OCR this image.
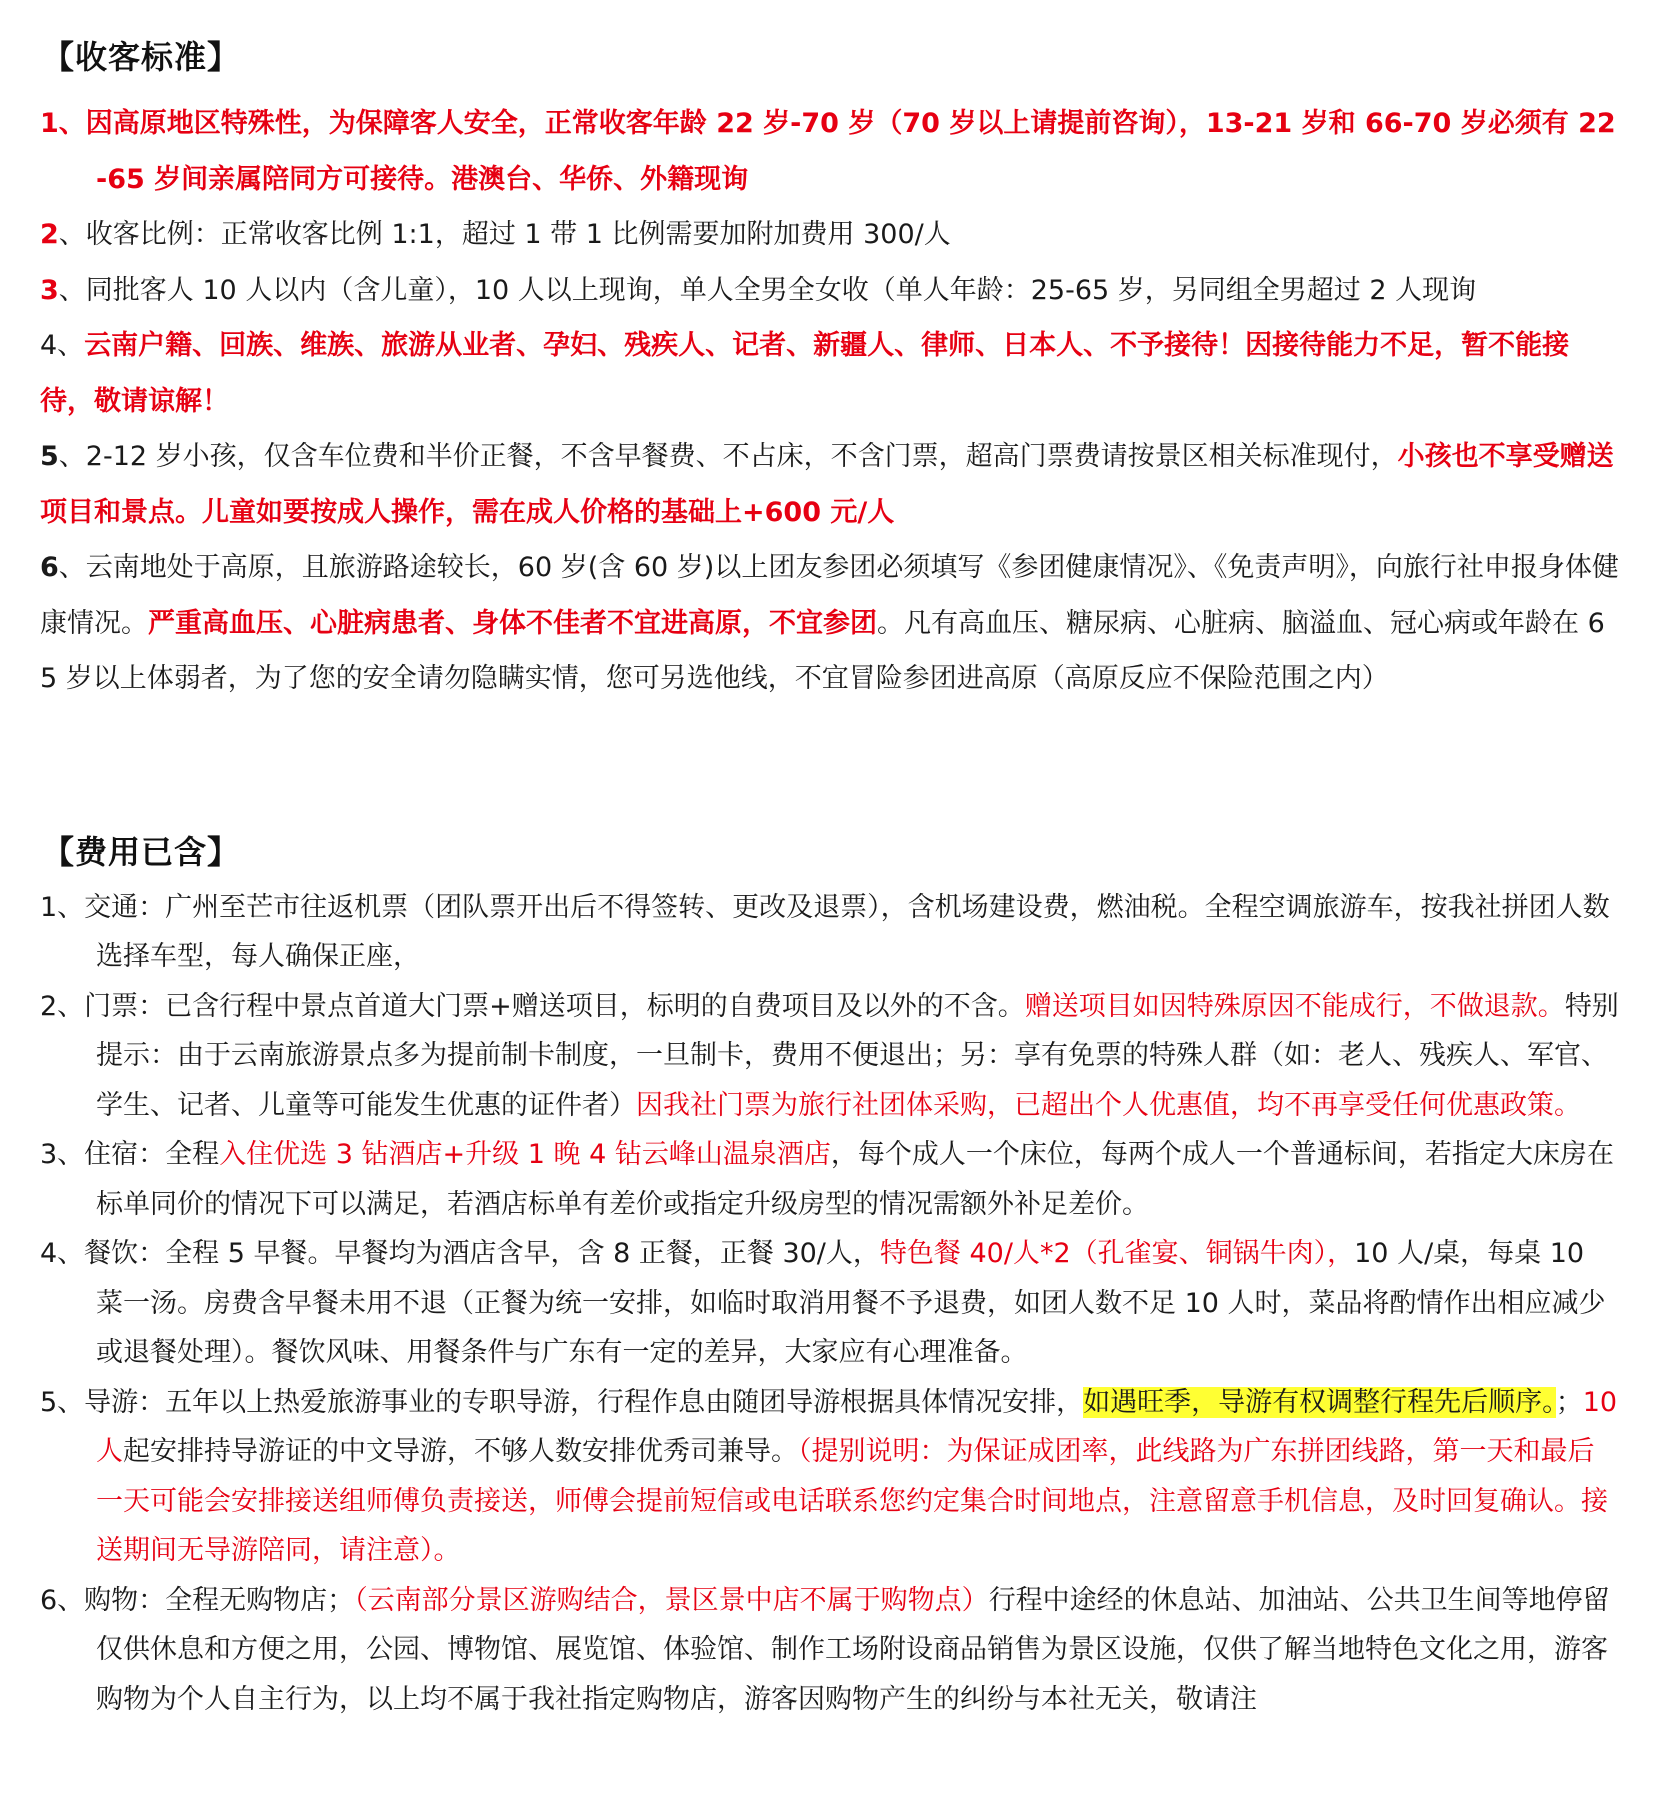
【收客标准】

1、因高原地区特殊性，为保障客人安全，正常收客年龄 22 岁-70 岁（70 岁以上请提前咨询），13-21 岁和 66-70 岁必须有 22-65 岁间亲属陪同方可接待。港澳台、华侨、外籍现询

2、收客比例：正常收客比例 1:1，超过 1 带 1 比例需要加附加费用 300/人

3、同批客人 10 人以内（含儿童），10 人以上现询，单人全男全女收（单人年龄：25-65 岁，另同组全男超过 2 人现询

4、云南户籍、回族、维族、旅游从业者、孕妇、残疾人、记者、新疆人、律师、日本人、不予接待！因接待能力不足，暂不能接待，敬请谅解！

5、2-12 岁小孩，仅含车位费和半价正餐，不含早餐费、不占床，不含门票，超高门票费请按景区相关标准现付，小孩也不享受赠送项目和景点。儿童如要按成人操作，需在成人价格的基础上+600 元/人

6、云南地处于高原，且旅游路途较长，60 岁(含 60 岁)以上团友参团必须填写《参团健康情况》、《免责声明》，向旅行社申报身体健康情况。严重高血压、心脏病患者、身体不佳者不宜进高原，不宜参团。凡有高血压、糖尿病、心脏病、脑溢血、冠心病或年龄在 65 岁以上体弱者，为了您的安全请勿隐瞒实情，您可另选他线，不宜冒险参团进高原（高原反应不保险范围之内）

【费用已含】

1、交通：广州至芒市往返机票（团队票开出后不得签转、更改及退票），含机场建设费，燃油税。全程空调旅游车，按我社拼团人数选择车型，每人确保正座，

2、门票：已含行程中景点首道大门票+赠送项目，标明的自费项目及以外的不含。赠送项目如因特殊原因不能成行，不做退款。特别提示：由于云南旅游景点多为提前制卡制度，一旦制卡，费用不便退出；另：享有免票的特殊人群（如：老人、残疾人、军官、学生、记者、儿童等可能发生优惠的证件者）因我社门票为旅行社团体采购，已超出个人优惠值，均不再享受任何优惠政策。

3、住宿：全程入住优选 3 钻酒店+升级 1 晚 4 钻云峰山温泉酒店，每个成人一个床位，每两个成人一个普通标间，若指定大床房在标单同价的情况下可以满足，若酒店标单有差价或指定升级房型的情况需额外补足差价。

4、餐饮：全程 5 早餐。早餐均为酒店含早，含 8 正餐，正餐 30/人，特色餐 40/人*2（孔雀宴、铜锅牛肉），10 人/桌，每桌 10 菜一汤。房费含早餐未用不退（正餐为统一安排，如临时取消用餐不予退费，如团人数不足 10 人时，菜品将酌情作出相应减少或退餐处理）。餐饮风味、用餐条件与广东有一定的差异，大家应有心理准备。

5、导游：五年以上热爱旅游事业的专职导游，行程作息由随团导游根据具体情况安排，如遇旺季，导游有权调整行程先后顺序。；10 人起安排持导游证的中文导游，不够人数安排优秀司兼导。（提别说明：为保证成团率，此线路为广东拼团线路，第一天和最后一天可能会安排接送组师傅负责接送，师傅会提前短信或电话联系您约定集合时间地点，注意留意手机信息，及时回复确认。接送期间无导游陪同，请注意）。

6、购物：全程无购物店；（云南部分景区游购结合，景区景中店不属于购物点）行程中途经的休息站、加油站、公共卫生间等地停留仅供休息和方便之用，公园、博物馆、展览馆、体验馆、制作工场附设商品销售为景区设施，仅供了解当地特色文化之用，游客购物为个人自主行为，以上均不属于我社指定购物店，游客因购物产生的纠纷与本社无关，敬请注
